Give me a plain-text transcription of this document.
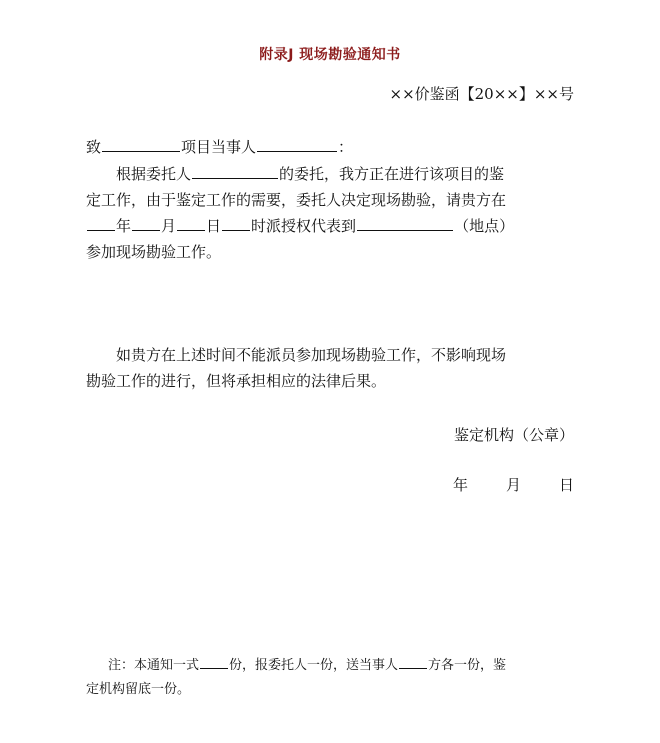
附录J 现场勘验通知书
××价鉴函【20××】××号
致	项目当事人	：
根据委托人	的委托，我方正在进行该项目的鉴
定工作，由于鉴定工作的需要，委托人决定现场勘验，请贵方在
年 月 日 时派授权代表到	（地点）
参加现场勘验工作。
如贵方在上述时间不能派员参加现场勘验工作，不影响现场
勘验工作的进行，但将承担相应的法律后果。
鉴定机构（公章）
年	月	日
注：本通知一式 份，报委托人一份，送当事人 方各一份，鉴
定机构留底一份。
